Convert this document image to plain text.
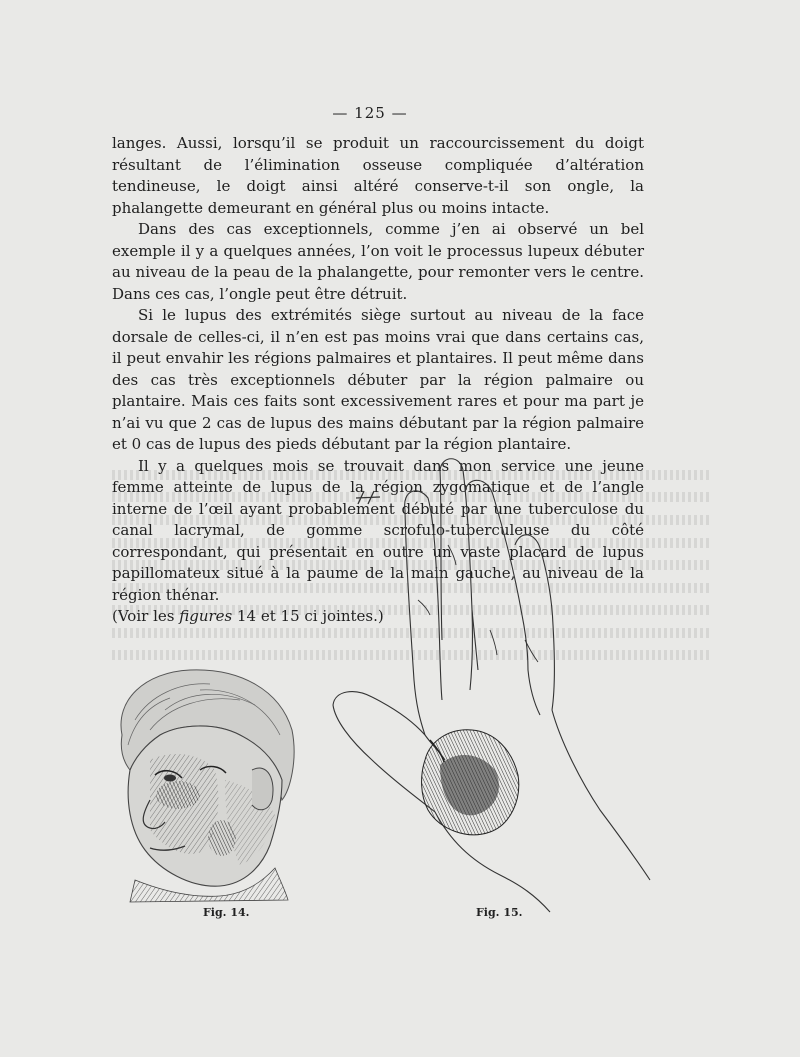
— 125 —

langes. Aussi, lorsqu’il se produit un raccourcissement du doigt résultant de l’élimination osseuse compliquée d’altération tendineuse, le doigt ainsi altéré conserve-t-il son ongle, la phalangette demeurant en général plus ou moins intacte.

Dans des cas exceptionnels, comme j’en ai observé un bel exemple il y a quelques années, l’on voit le processus lupeux débuter au niveau de la peau de la phalangette, pour remonter vers le centre. Dans ces cas, l’ongle peut être détruit.

Si le lupus des extrémités siège surtout au niveau de la face dorsale de celles-ci, il n’en est pas moins vrai que dans certains cas, il peut envahir les régions palmaires et plantaires. Il peut même dans des cas très exceptionnels débuter par la région palmaire ou plantaire. Mais ces faits sont excessivement rares et pour ma part je n’ai vu que 2 cas de lupus des mains débutant par la région palmaire et 0 cas de lupus des pieds débutant par la région plantaire.

Il y a quelques mois se trouvait dans mon service une jeune femme atteinte de lupus de la région zygomatique et de l’angle interne de l’œil ayant probablement débuté par une tuberculose du canal lacrymal, de gomme scrofulo-tuberculeuse du côté correspondant, qui présentait en outre un vaste placard de lupus papillomateux situé à la paume de la main gauche, au niveau de la région thénar.

(Voir les figures 14 et 15 ci jointes.)

Fig. 14.	Fig. 15.
